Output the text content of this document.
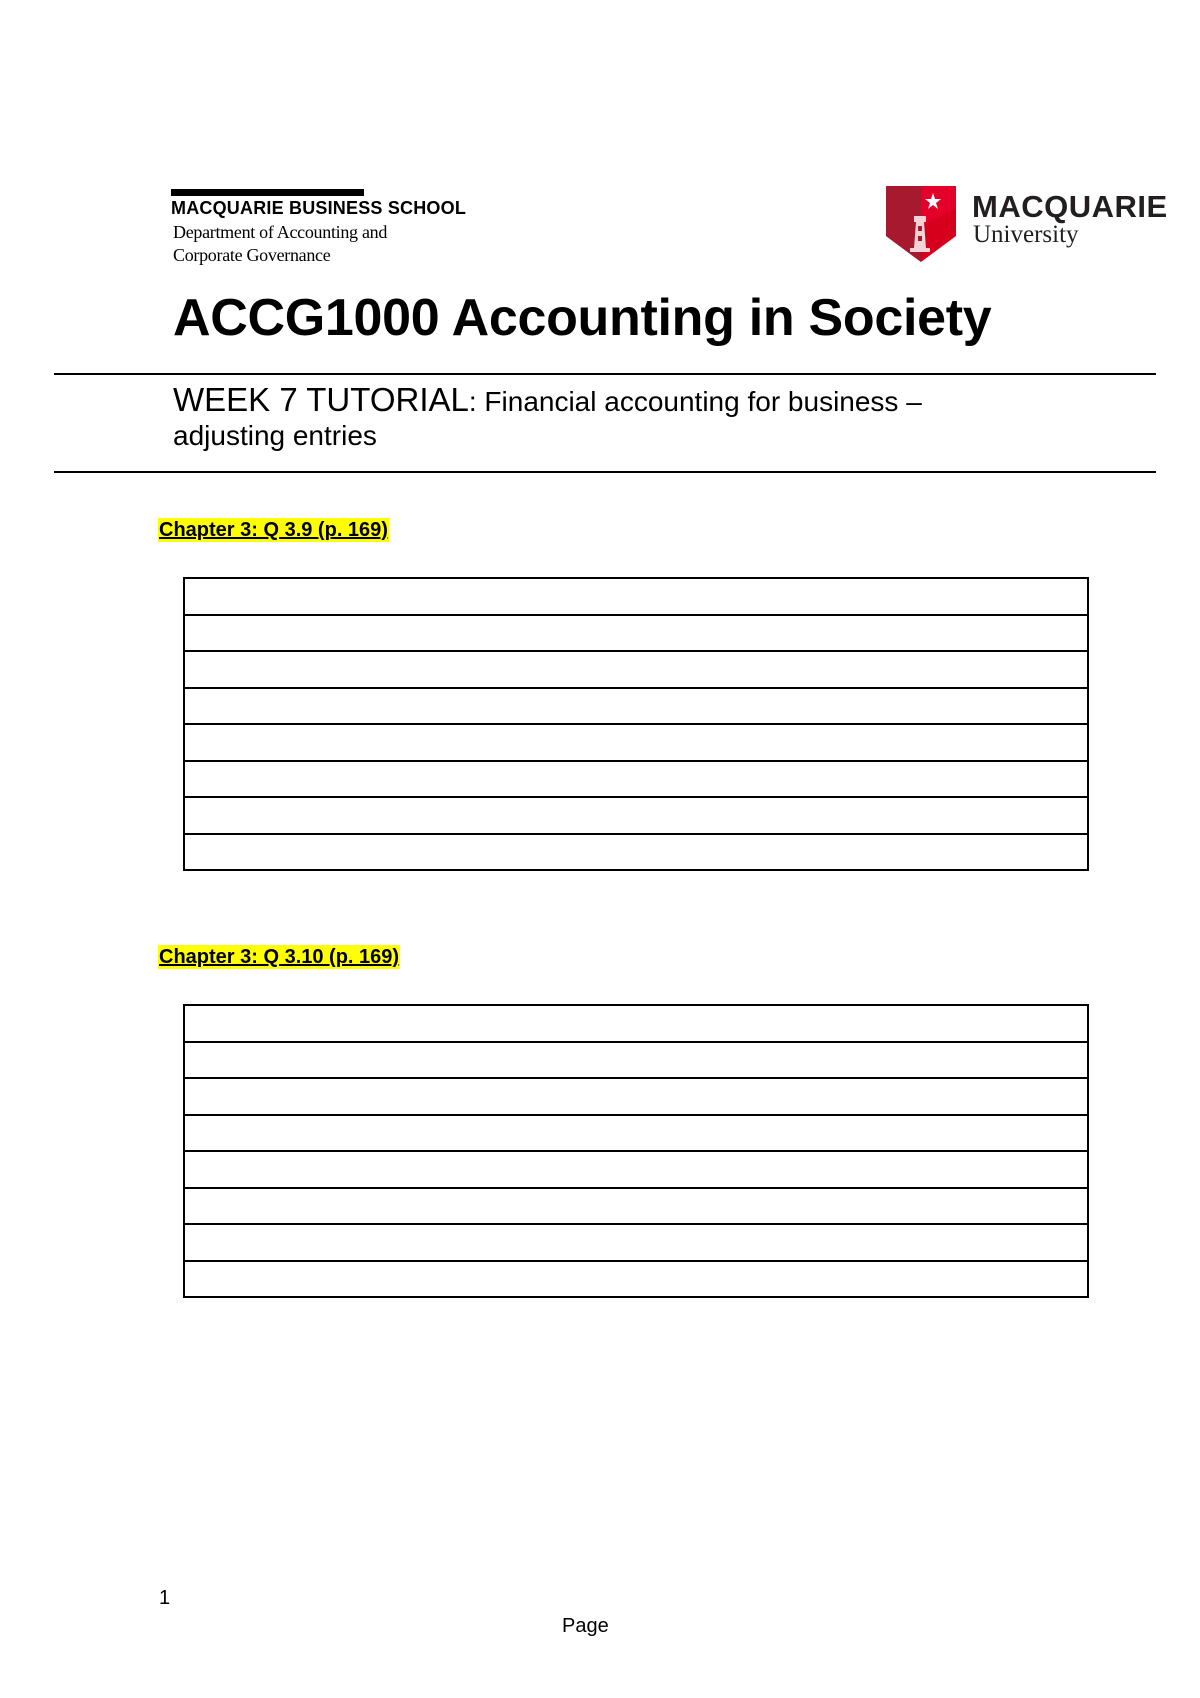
MACQUARIE BUSINESS SCHOOL
Department of Accounting and
Corporate Governance
MACQUARIE
University
ACCG1000 Accounting in Society
WEEK 7 TUTORIAL: Financial accounting for business –
adjusting entries
Chapter 3: Q 3.9 (p. 169)
Chapter 3: Q 3.10 (p. 169)
1
Page
